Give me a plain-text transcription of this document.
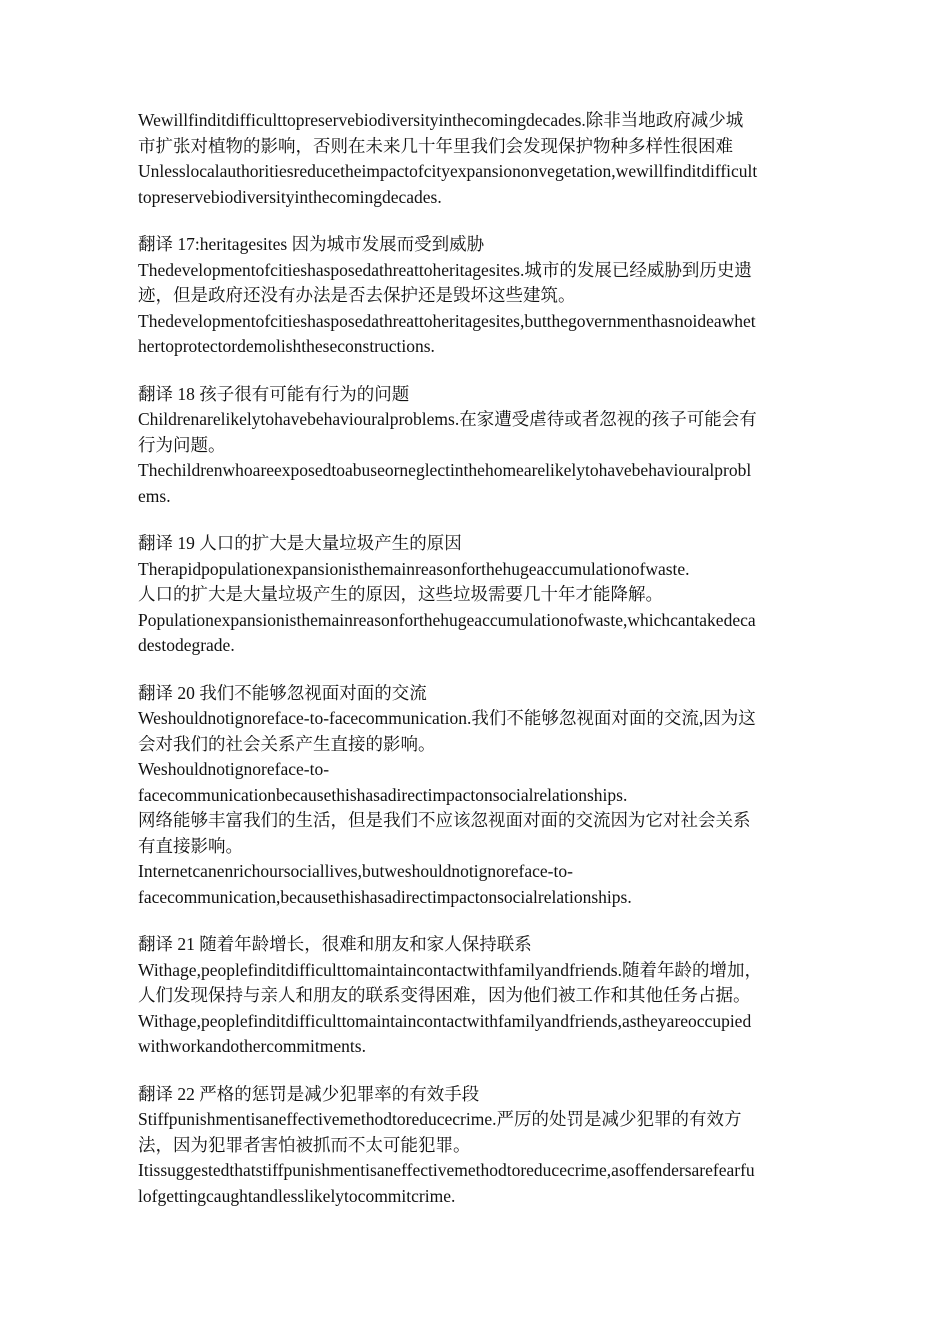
Wewillfinditdifficulttopreservebiodiversityinthecomingdecades.除非当地政府减少城
市扩张对植物的影响，否则在未来几十年里我们会发现保护物种多样性很困难
Unlesslocalauthoritiesreducetheimpactofcityexpansiononvegetation,wewillfinditdifficult
topreservebiodiversityinthecomingdecades.
翻译 17:heritagesites 因为城市发展而受到威胁
Thedevelopmentofcitieshasposedathreattoheritagesites.城市的发展已经威胁到历史遗
迹，但是政府还没有办法是否去保护还是毁坏这些建筑。
Thedevelopmentofcitieshasposedathreattoheritagesites,butthegovernmenthasnoideawhet
hertoprotectordemolishtheseconstructions.
翻译 18 孩子很有可能有行为的问题
Childrenarelikelytohavebehaviouralproblems.在家遭受虐待或者忽视的孩子可能会有
行为问题。
Thechildrenwhoareexposedtoabuseorneglectinthehomearelikelytohavebehaviouralprobl
ems.
翻译 19 人口的扩大是大量垃圾产生的原因
Therapidpopulationexpansionisthemainreasonforthehugeaccumulationofwaste.
人口的扩大是大量垃圾产生的原因，这些垃圾需要几十年才能降解。
Populationexpansionisthemainreasonforthehugeaccumulationofwaste,whichcantakedeca
destodegrade.
翻译 20 我们不能够忽视面对面的交流
Weshouldnotignoreface-to-facecommunication.我们不能够忽视面对面的交流,因为这
会对我们的社会关系产生直接的影响。
Weshouldnotignoreface-to-
facecommunicationbecausethishasadirectimpactonsocialrelationships.
网络能够丰富我们的生活，但是我们不应该忽视面对面的交流因为它对社会关系
有直接影响。
Internetcanenrichoursociallives,butweshouldnotignoreface-to-
facecommunication,becausethishasadirectimpactonsocialrelationships.
翻译 21 随着年龄增长，很难和朋友和家人保持联系
Withage,peoplefinditdifficulttomaintaincontactwithfamilyandfriends.随着年龄的增加，
人们发现保持与亲人和朋友的联系变得困难，因为他们被工作和其他任务占据。
Withage,peoplefinditdifficulttomaintaincontactwithfamilyandfriends,astheyareoccupied
withworkandothercommitments.
翻译 22 严格的惩罚是减少犯罪率的有效手段
Stiffpunishmentisaneffectivemethodtoreducecrime.严厉的处罚是减少犯罪的有效方
法，因为犯罪者害怕被抓而不太可能犯罪。
Itissuggestedthatstiffpunishmentisaneffectivemethodtoreducecrime,asoffendersarefearfu
lofgettingcaughtandlesslikelytocommitcrime.
